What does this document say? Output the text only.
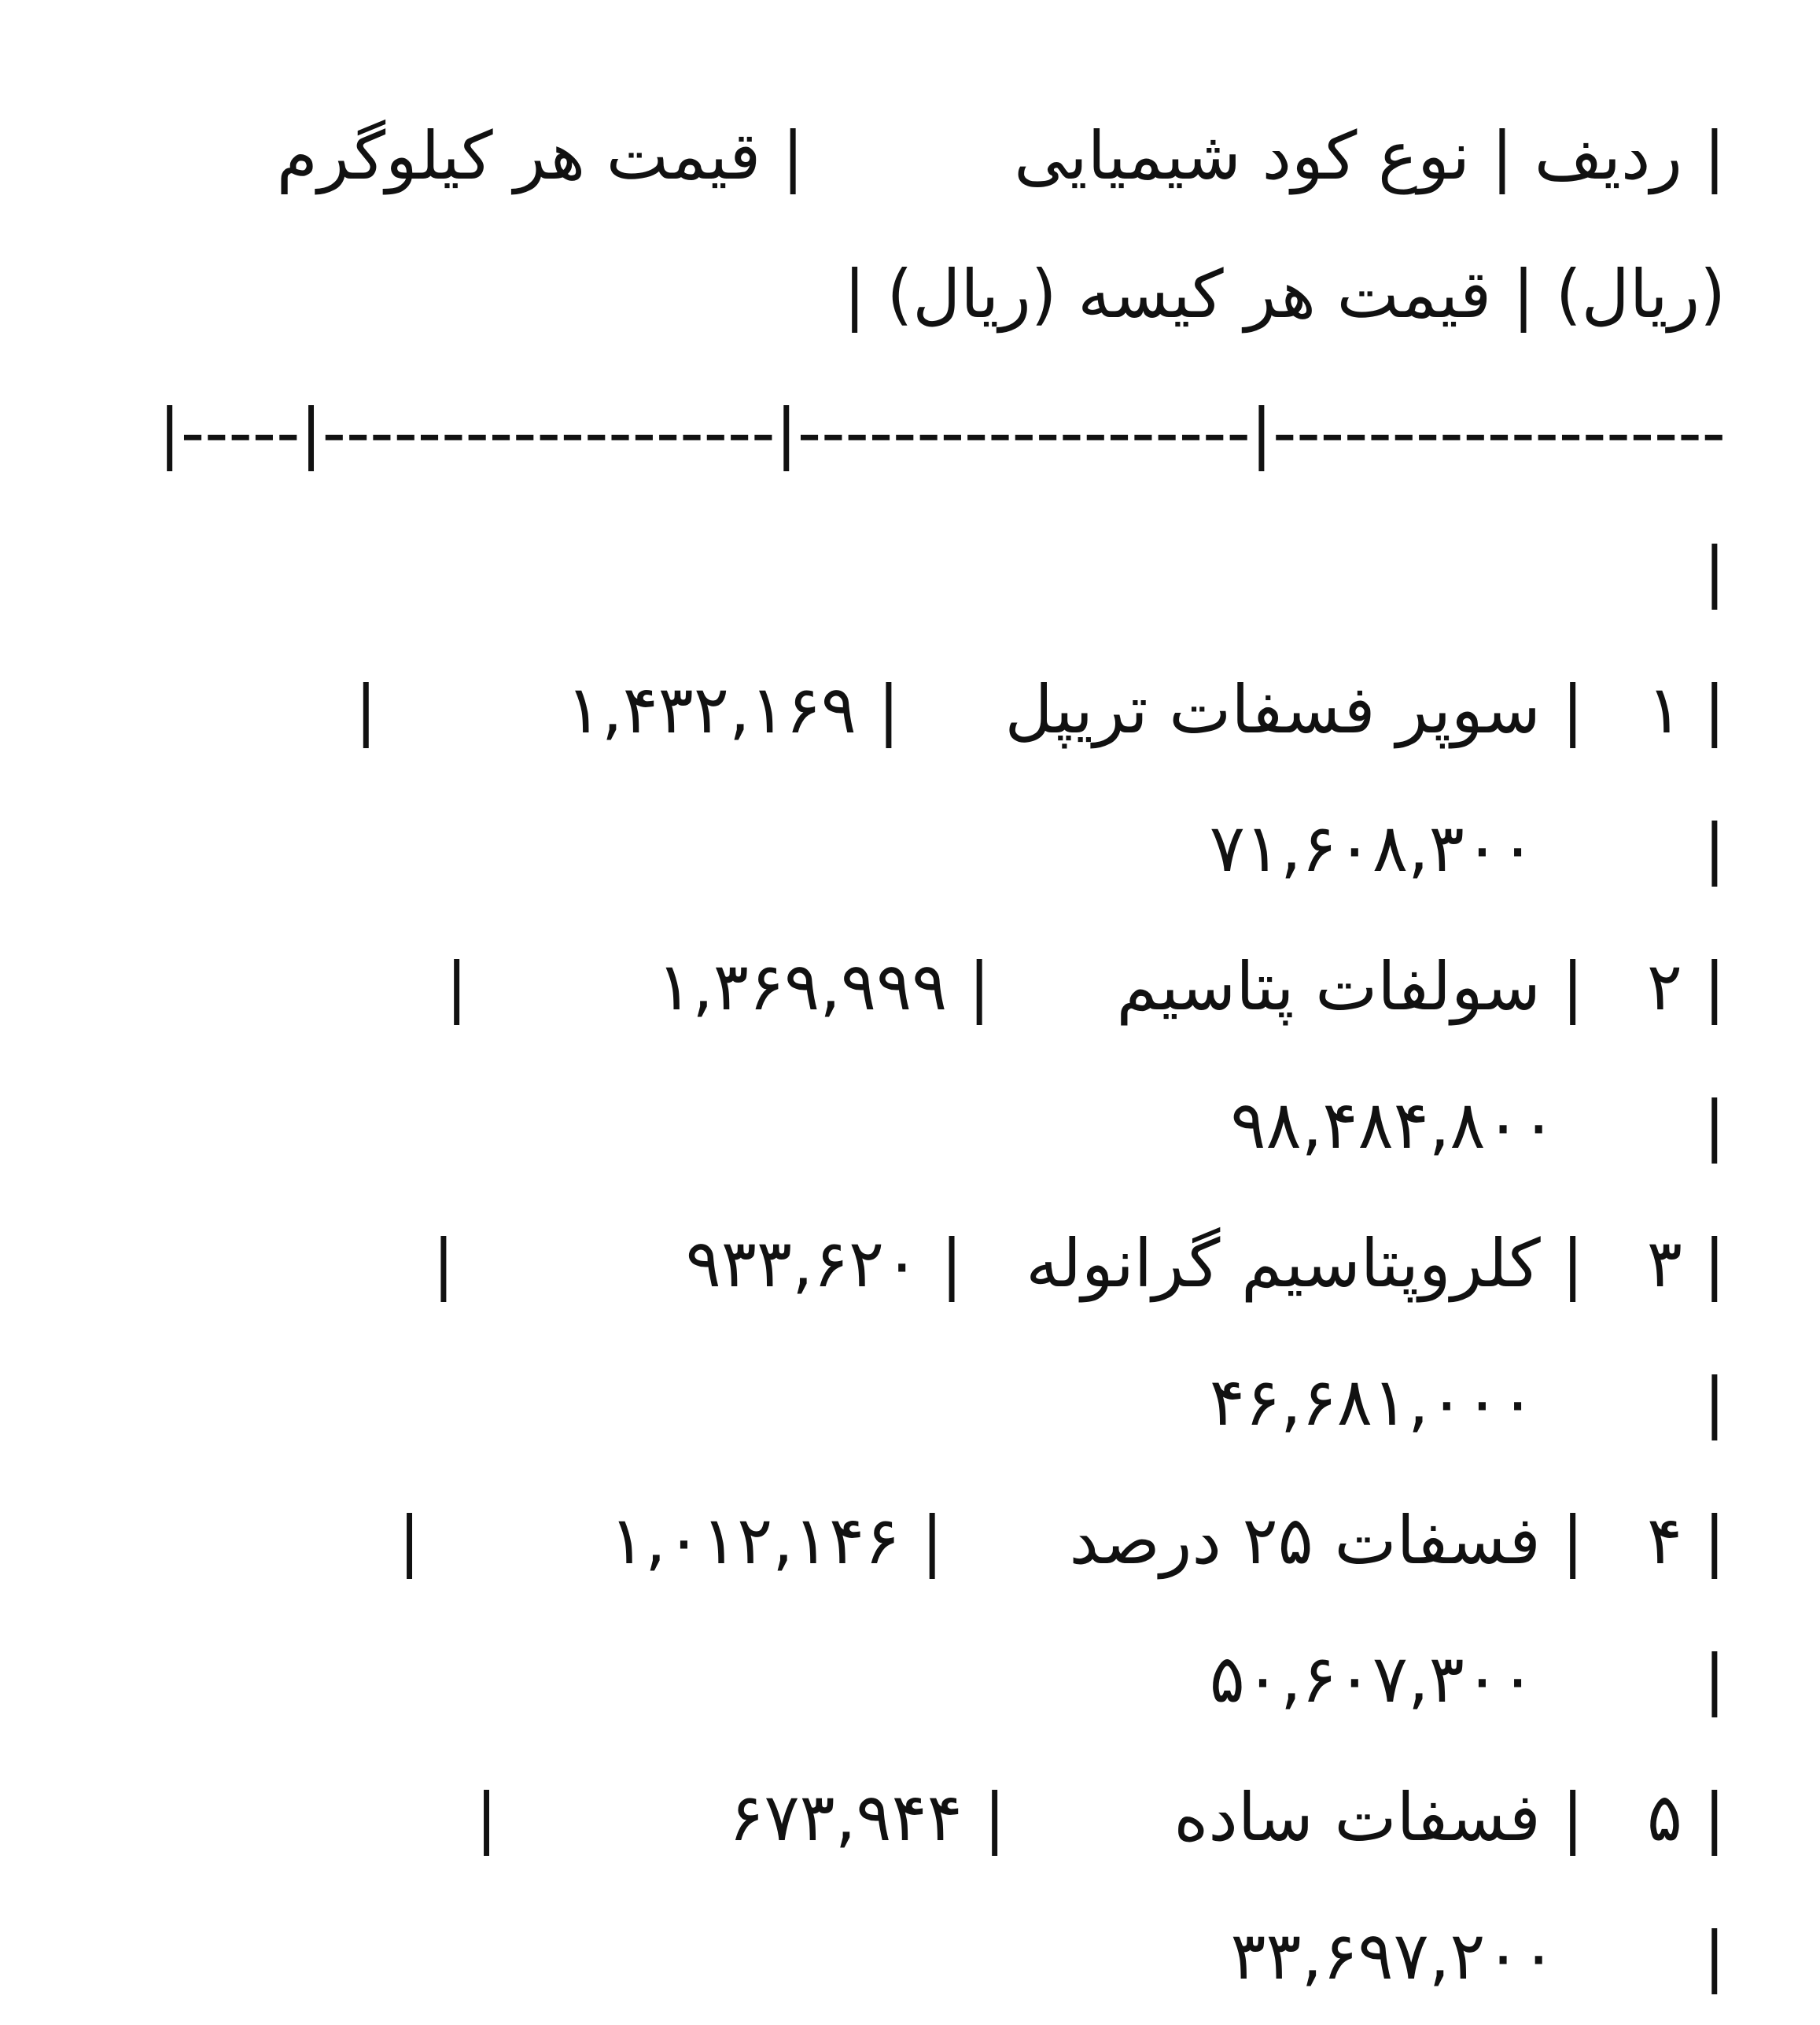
| ردیف | نوع کود شیمیایی          | قیمت هر کیلوگرم
(ریال) | قیمت هر کیسه (ریال) |
|-----|-------------------|-------------------|-------------------
|
| ۱   | سوپر فسفات تریپل     | ۱,۴۳۲,۱۶۹         |
۷۱,۶۰۸,۳۰۰        |
| ۲   | سولفات پتاسیم      | ۱,۳۶۹,۹۹۹         |
۹۸,۴۸۴,۸۰۰       |
| ۳   | کلروپتاسیم گرانوله   | ۹۳۳,۶۲۰           |
۴۶,۶۸۱,۰۰۰        |
| ۴   | فسفات ۲۵ درصد      | ۱,۰۱۲,۱۴۶         |
۵۰,۶۰۷,۳۰۰        |
| ۵   | فسفات ساده        | ۶۷۳,۹۴۴           |
۳۳,۶۹۷,۲۰۰       |
